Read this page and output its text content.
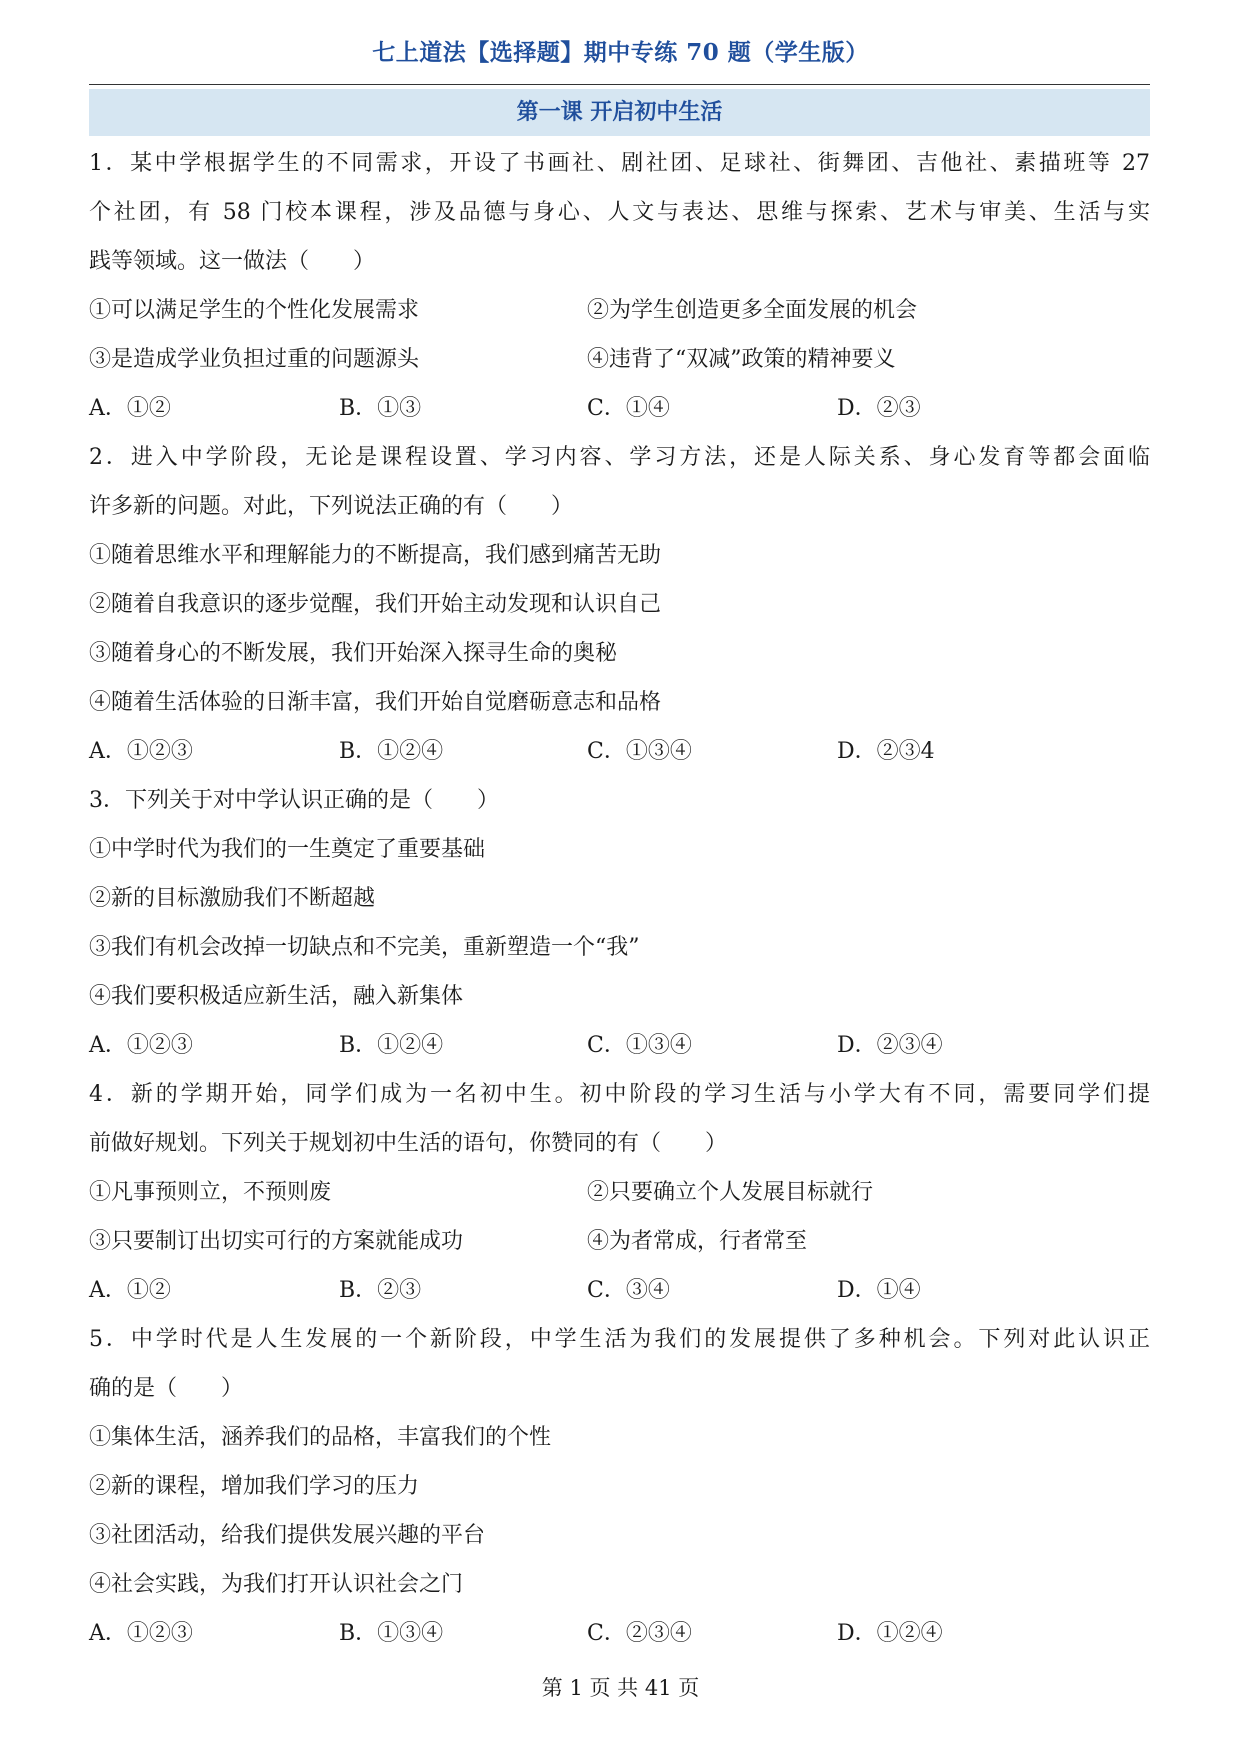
七上道法【选择题】期中专练 70 题（学生版）
第一课 开启初中生活
1．某中学根据学生的不同需求，开设了书画社、剧社团、足球社、街舞团、吉他社、素描班等 27
个社团，有 58 门校本课程，涉及品德与身心、人文与表达、思维与探索、艺术与审美、生活与实
践等领域。这一做法（　　）
①可以满足学生的个性化发展需求	②为学生创造更多全面发展的机会
③是造成学业负担过重的问题源头	④违背了“双减”政策的精神要义
A．①②	B．①③	C．①④	D．②③
2．进入中学阶段，无论是课程设置、学习内容、学习方法，还是人际关系、身心发育等都会面临
许多新的问题。对此，下列说法正确的有（　　）
①随着思维水平和理解能力的不断提高，我们感到痛苦无助
②随着自我意识的逐步觉醒，我们开始主动发现和认识自己
③随着身心的不断发展，我们开始深入探寻生命的奥秘
④随着生活体验的日渐丰富，我们开始自觉磨砺意志和品格
A．①②③	B．①②④	C．①③④	D．②③4
3．下列关于对中学认识正确的是（　　）
①中学时代为我们的一生奠定了重要基础
②新的目标激励我们不断超越
③我们有机会改掉一切缺点和不完美，重新塑造一个“我”
④我们要积极适应新生活，融入新集体
A．①②③	B．①②④	C．①③④	D．②③④
4．新的学期开始，同学们成为一名初中生。初中阶段的学习生活与小学大有不同，需要同学们提
前做好规划。下列关于规划初中生活的语句，你赞同的有（　　）
①凡事预则立，不预则废	②只要确立个人发展目标就行
③只要制订出切实可行的方案就能成功	④为者常成，行者常至
A．①②	B．②③	C．③④	D．①④
5．中学时代是人生发展的一个新阶段，中学生活为我们的发展提供了多种机会。下列对此认识正
确的是（　　）
①集体生活，涵养我们的品格，丰富我们的个性
②新的课程，增加我们学习的压力
③社团活动，给我们提供发展兴趣的平台
④社会实践，为我们打开认识社会之门
A．①②③	B．①③④	C．②③④	D．①②④
第 1 页 共 41 页
